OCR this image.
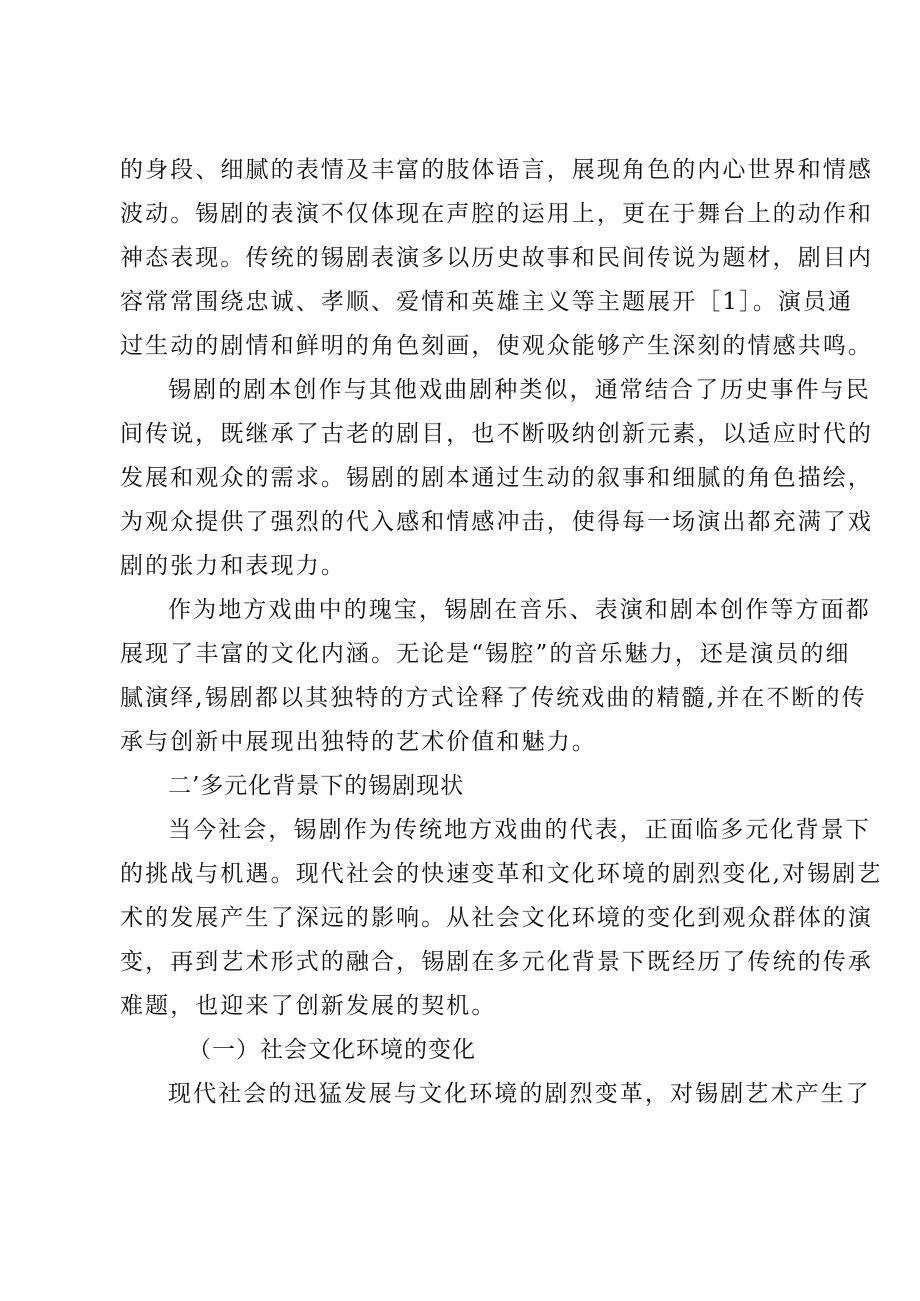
的身段、细腻的表情及丰富的肢体语言，展现角色的内心世界和情感
波动。锡剧的表演不仅体现在声腔的运用上，更在于舞台上的动作和
神态表现。传统的锡剧表演多以历史故事和民间传说为题材，剧目内
容常常围绕忠诚、孝顺、爱情和英雄主义等主题展开［1］。演员通
过生动的剧情和鲜明的角色刻画，使观众能够产生深刻的情感共鸣。
锡剧的剧本创作与其他戏曲剧种类似，通常结合了历史事件与民
间传说，既继承了古老的剧目，也不断吸纳创新元素，以适应时代的
发展和观众的需求。锡剧的剧本通过生动的叙事和细腻的角色描绘，
为观众提供了强烈的代入感和情感冲击，使得每一场演出都充满了戏
剧的张力和表现力。
作为地方戏曲中的瑰宝，锡剧在音乐、表演和剧本创作等方面都
展现了丰富的文化内涵。无论是“锡腔”的音乐魅力，还是演员的细
腻演绎,锡剧都以其独特的方式诠释了传统戏曲的精髓,并在不断的传
承与创新中展现出独特的艺术价值和魅力。
二’多元化背景下的锡剧现状
当今社会，锡剧作为传统地方戏曲的代表，正面临多元化背景下
的挑战与机遇。现代社会的快速变革和文化环境的剧烈变化,对锡剧艺
术的发展产生了深远的影响。从社会文化环境的变化到观众群体的演
变，再到艺术形式的融合，锡剧在多元化背景下既经历了传统的传承
难题，也迎来了创新发展的契机。
（一）社会文化环境的变化
现代社会的迅猛发展与文化环境的剧烈变革，对锡剧艺术产生了
